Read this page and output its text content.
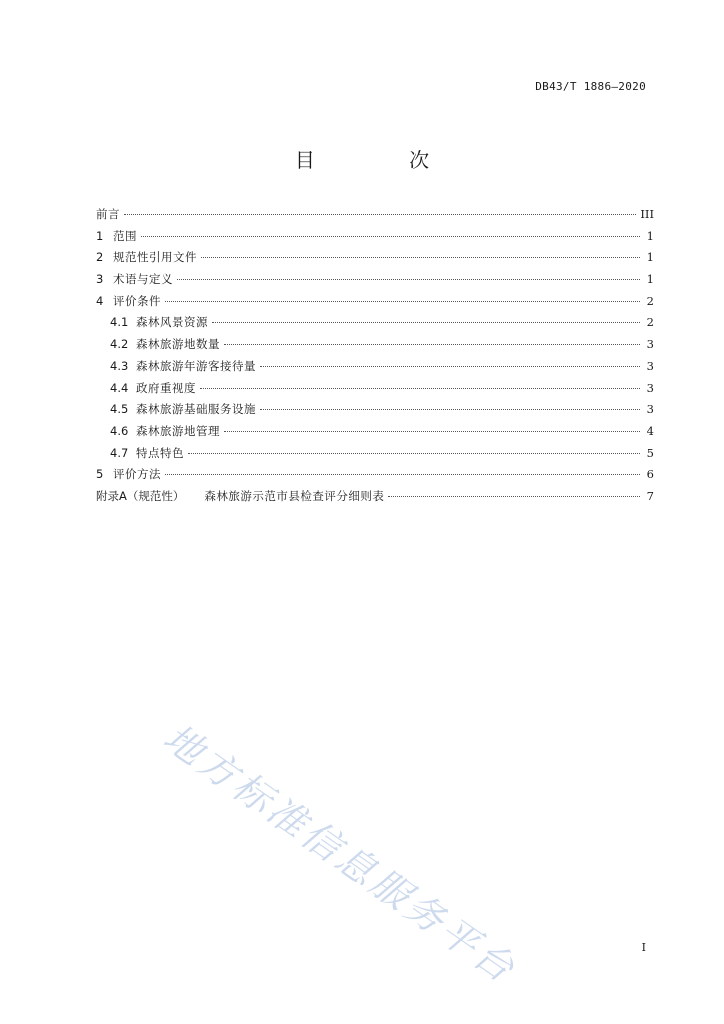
DB43/T 1886—2020
目 次
前言	III
1 范围	1
2 规范性引用文件	1
3 术语与定义	1
4 评价条件	2
4.1 森林风景资源	2
4.2 森林旅游地数量	3
4.3 森林旅游年游客接待量	3
4.4 政府重视度	3
4.5 森林旅游基础服务设施	3
4.6 森林旅游地管理	4
4.7 特点特色	5
5 评价方法	6
附录A（规范性） 森林旅游示范市县检查评分细则表	7
地方标准信息服务平台	I
